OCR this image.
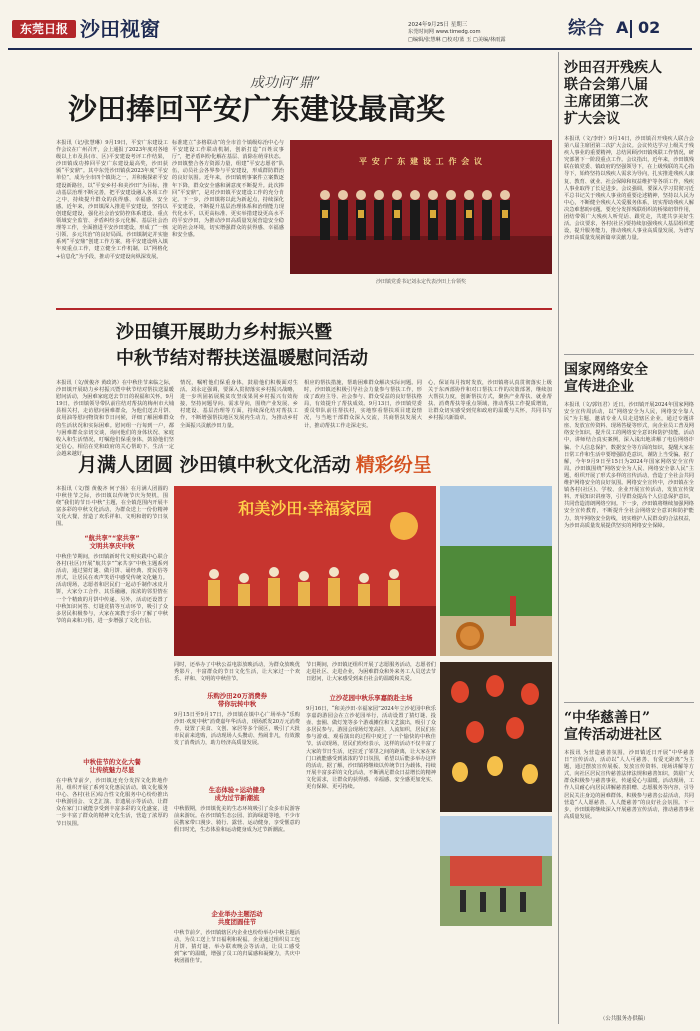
东莞日报 沙田视窗	2024年9月25日 星期三
东莞时间网 www.timedg.com
□编辑/张慧琳 □校对/蓝 玉 □美编/林雨露
综合 A 02
成功问“鼎”
沙田捧回平安广东建设最高奖
本报讯（记/张慧琳）9月19日，平安广东建设工作会议在广州召开，会上通报了2023年度对各地级以上市及县(市、区)平安建设考评工作结果，沙田镇成功捧回平安广东建设最高奖，沙田获颁“平安鼎”。其中东莞沙田镇获2023年度“平安单位”，成为全市四个镇街之一，并积极探索平安建设新路径，以“平安乡村·和美沙田”为目标，推动基层治理不断完善，把平安建设融入各项工作之中，持续提升群众的获得感、幸福感、安全感。近年来，沙田镇深入推进平安建设，坚持以创建促建设，强化社会治安防控体系建设、重点领域安全监管、矛盾纠纷多元化解、基层社会治理等工作，全面推进平安沙田建设，形成了“一核引领、多元共治”的良好局面。沙田镇制定并实施系列“平安鼎”创建工作方案，将平安建设纳入镇年度重点工作，建立健全工作机制，以“网格化+信息化”为手段，推动平安建设向纵深发展。
标准建立“多格联动”的全市首个镇级综治中心与平安建设工作联动机制，创新打造“百姓议事厅”，把矛盾纠纷化解在基层、消除在萌芽状态。沙田镇整合各方资源力量，组建“平安志愿者”队伍，动员社会各界参与平安建设，形成群防群治的良好氛围。近年来，沙田镇刑事案件立案数逐年下降，群众安全感和满意度不断提升。此次捧回“平安鼎”，是对沙田镇平安建设工作的充分肯定。下一步，沙田镇将以此为新起点，持续深化平安建设，不断提升基层治理体系和治理能力现代化水平，以更高标准、更实举措建设更高水平的平安沙田，为推动沙田高质量发展营造安全稳定的社会环境，切实增强群众的获得感、幸福感和安全感。
平 安 广 东 建 设 工 作 会 议
沙田镇党委书记刘永定代表沙田上台领奖
沙田镇开展助力乡村振兴暨
中秋节结对帮扶送温暖慰问活动
本报讯（文/黄俊齐 黄政鸿）在中秋佳节来临之际，沙田镇开展助力乡村振兴暨中秋节结对帮扶送温暖慰问活动，为困难家庭送去节日的祝福和关怀。9月19日，沙田镇领导带队前往结对帮扶的梅州市大埔县相关村，走访慰问困难群众，为他们送去月饼、食用油等慰问物资和节日问候，详细了解困难群众的生活状况和实际困难。慰问组一行每到一户，都与困难群众亲切交谈，询问他们的身体状况、家庭收入和生活情况，叮嘱他们保重身体，鼓励他们坚定信心，相信在党和政府的关心帮助下，生活一定会越来越好。
情况，嘱咐他们保重身体，鼓励他们积极面对生活。刘永定强调，要深入贯彻落实乡村振兴战略，进一步巩固拓展脱贫攻坚成果同乡村振兴有效衔接，坚持问题导向、需求导向，围绕产业发展、乡村建设、基层治理等方面，持续深化结对帮扶工作，不断增强帮扶地区发展内生动力，为推动乡村全面振兴贡献沙田力量。
相应的帮扶措施，帮助困难群众解决实际问题。同时，沙田镇还积极引导社会力量参与帮扶工作，形成了政府主导、社会参与、群众受益的良好帮扶格局，有效提升了帮扶成效。9月13日，沙田镇党委委员带队前往帮扶村，实地察看帮扶项目建设情况，与当地干部群众深入交流，共商帮扶发展大计，推动帮扶工作走深走实。
心，保证每月按时发放，沙田镇将认真贯彻落实上级关于东西部协作和对口帮扶工作的决策部署，继续加大帮扶力度，创新帮扶方式，聚焦产业帮扶、就业帮扶、消费帮扶等重点领域，推动帮扶工作提质增效，让群众切实感受到党和政府的温暖与关怀，共同书写乡村振兴新篇章。
月满人团圆 沙田镇中秋文化活动 精彩纷呈
本报讯（文/图 黄俊齐 何子扬）在月满人团圆的中秋佳节之际，沙田镇以传统节庆为契机，围绕“我们的节日·中秋”主题，在全镇范围内开展丰富多彩的中秋文化活动，为群众送上一份份精神文化大餐，营造了欢乐祥和、文明和谐的节日氛围。
“航共享”“家共享”
文明共享庆中秋
中秋佳节期间，沙田镇新时代文明实践中心联合各村(社区)开展“航共享”“家共享”中秋主题系列活动，通过猜灯谜、做月饼、诵经典、赏民俗等形式，让居民在欢声笑语中感受传统文化魅力。活动现场，志愿者和居民们一起动手制作冰皮月饼，大家分工合作、其乐融融，浓浓的邻里情在一个个精致的月饼中传递。另外，活动还设置了中秋知识问答、灯谜竞猜等互动环节，吸引了众多居民积极参与，大家在寓教于乐中了解了中秋节的由来和习俗，进一步增强了文化自信。
中秋佳节的文化大餐
让传统魅力尽显
在中秋节前夕，沙田镇还充分发挥文化阵地作用，组织开展了系列文化惠民活动。镇文化服务中心、各村(社区)综合性文化服务中心纷纷推出中秋游园会、文艺汇演、非遗展示等活动，让群众在家门口就能享受到丰富多彩的文化盛宴，进一步丰富了群众的精神文化生活，营造了浓厚的节日氛围。
和美沙田·幸福家园
同时，还举办了中秋公益电影放映活动，为群众放映优秀影片，丰富群众的节日文化生活，让大家过一个欢乐、祥和、文明的中秋佳节。
乐购沙田20万消费券
带你玩转中秋
9月15日至9月17日，沙田镇在镇中心广场举办“乐购沙田·欢度中秋”消费嘉年华活动，现场派发20万元消费券，设置了美食、文创、家居等多个展区，吸引了大批市民前来选购，活动现场人头攒动、热闹非凡，有效激发了消费活力，助力经济高质量发展。
生态体验+运动健身
成为过节新潮流
中秋假期，沙田镇优美的生态环境吸引了众多市民游客前来游玩。在沙田镇生态公园、滨海绿道等地，不少市民携家带口漫步、骑行、露营、运动健身，享受惬意的假日时光，生态体验和运动健身成为过节新潮流。
企业举办主题活动
共度团圆佳节
中秋节前夕，沙田镇辖区内企业也纷纷举办中秋主题活动，为员工送上节日福利和祝福。企业通过组织员工包月饼、猜灯谜、举办联欢晚会等活动，让员工感受到“家”的温暖，增强了员工的归属感和凝聚力，共庆中秋团圆佳节。
节日期间，沙田镇还组织开展了志愿服务活动，志愿者们走进社区、走进企业，为困难群众和外来务工人员送去节日慰问，让大家感受到来自社会的温暖和关爱。
立沙花园中秋乐享嘉韵赴主场
9月16日，“和美沙田·幸福家园”2024年立沙花园中秋乐享嘉韵游园会在立沙花园举行，活动设置了猜灯谜、投壶、套圈、做灯笼等多个游戏摊位和文艺演出，吸引了众多居民参与。游园会现场灯笼高挂、人流如织，居民们在参与游戏、观看演出的过程中度过了一个愉快的中秋佳节。活动现场，居民们纷纷表示，这样的活动不仅丰富了大家的节日生活，还拉近了邻里之间的距离，让大家在家门口就能感受到浓浓的节日氛围，希望以后能多举办这样的活动。据了解，沙田镇将继续以传统节日为载体，持续开展丰富多彩的文化活动，不断满足群众日益增长的精神文化需求，让群众的获得感、幸福感、安全感更加充实、更有保障、更可持续。
沙田召开残疾人
联合会第八届
主席团第二次
扩大会议
本报讯（文/李轩）9月14日，沙田镇召开残疾人联合会第八届主席团第二次扩大会议。会议传达学习上级关于残疾人事业的重要精神，总结回顾沙田镇残联工作情况，研究部署下一阶段重点工作。会议指出，近年来，沙田镇残联在镇党委、镇政府的坚强领导下，在上级残联的关心指导下，始终坚持以残疾人需求为导向，扎实推进残疾人康复、教育、就业、社会保障和权益维护等各项工作，残疾人事业取得了长足进步。会议强调，要深入学习贯彻习近平总书记关于残疾人事业的重要论述精神，坚持以人民为中心，不断健全残疾人关爱服务体系，切实帮助残疾人解决急难愁盼问题。要充分发挥残联组织的桥梁纽带作用，团结带领广大残疾人听党话、跟党走，共建共享美好生活。会议要求，各村(社区)要持续加强残疾人基层组织建设，提升服务能力，推动残疾人事业高质量发展，为谱写沙田高质量发展新篇章贡献力量。
国家网络安全
宣传进企业
本报讯（文/郭钰君）近日，沙田镇开展2024年国家网络安全宣传周活动，以“网络安全为人民，网络安全靠人民”为主题，邀请专业人员走进辖区企业，通过专题讲座、发放宣传资料、现场答疑等形式，向企业员工普及网络安全知识，提升员工的网络安全意识和防护技能。活动中，讲师结合真实案例，深入浅出地讲解了电信网络诈骗、个人信息保护、数据安全等方面的知识，提醒大家在日常工作和生活中要增强防范意识，谨防上当受骗。据了解，今年9月9日至15日为2024年国家网络安全宣传周。沙田镇围绕“网络安全为人民、网络安全靠人民”主题，组织开展了形式多样的宣传活动，营造了全社会共同维护网络安全的良好氛围。网络安全宣传中，沙田镇在全镇各村(社区)、学校、企业开展宣传活动，发放宣传资料、开展知识讲座等，引导群众提高个人信息保护意识，共同营造清朗网络空间。下一步，沙田镇将继续加强网络安全宣传教育，不断提升全社会网络安全意识和防护能力，筑牢网络安全防线，切实维护人民群众的合法权益，为沙田高质量发展提供坚实的网络安全保障。
“中华慈善日”
宣传活动进社区
本报讯 为营造慈善氛围，沙田镇近日开展“中华慈善日”宣传活动，活动以“人人可慈善、有爱无距离”为主题，通过摆放宣传展板、发放宣传资料、现场讲解等方式，向社区居民宣传慈善法律法规和慈善知识，鼓励广大群众积极参与慈善事业，传递爱心与温暖。活动现场，工作人员耐心向居民讲解慈善捐赠、志愿服务等内容，引导居民关注身边的困难群体，积极参与慈善公益活动，共同营造“人人愿慈善、人人能慈善”的良好社会氛围。下一步，沙田镇将继续深入开展慈善宣传活动，推动慈善事业高质量发展。
（公共服务办供稿）
